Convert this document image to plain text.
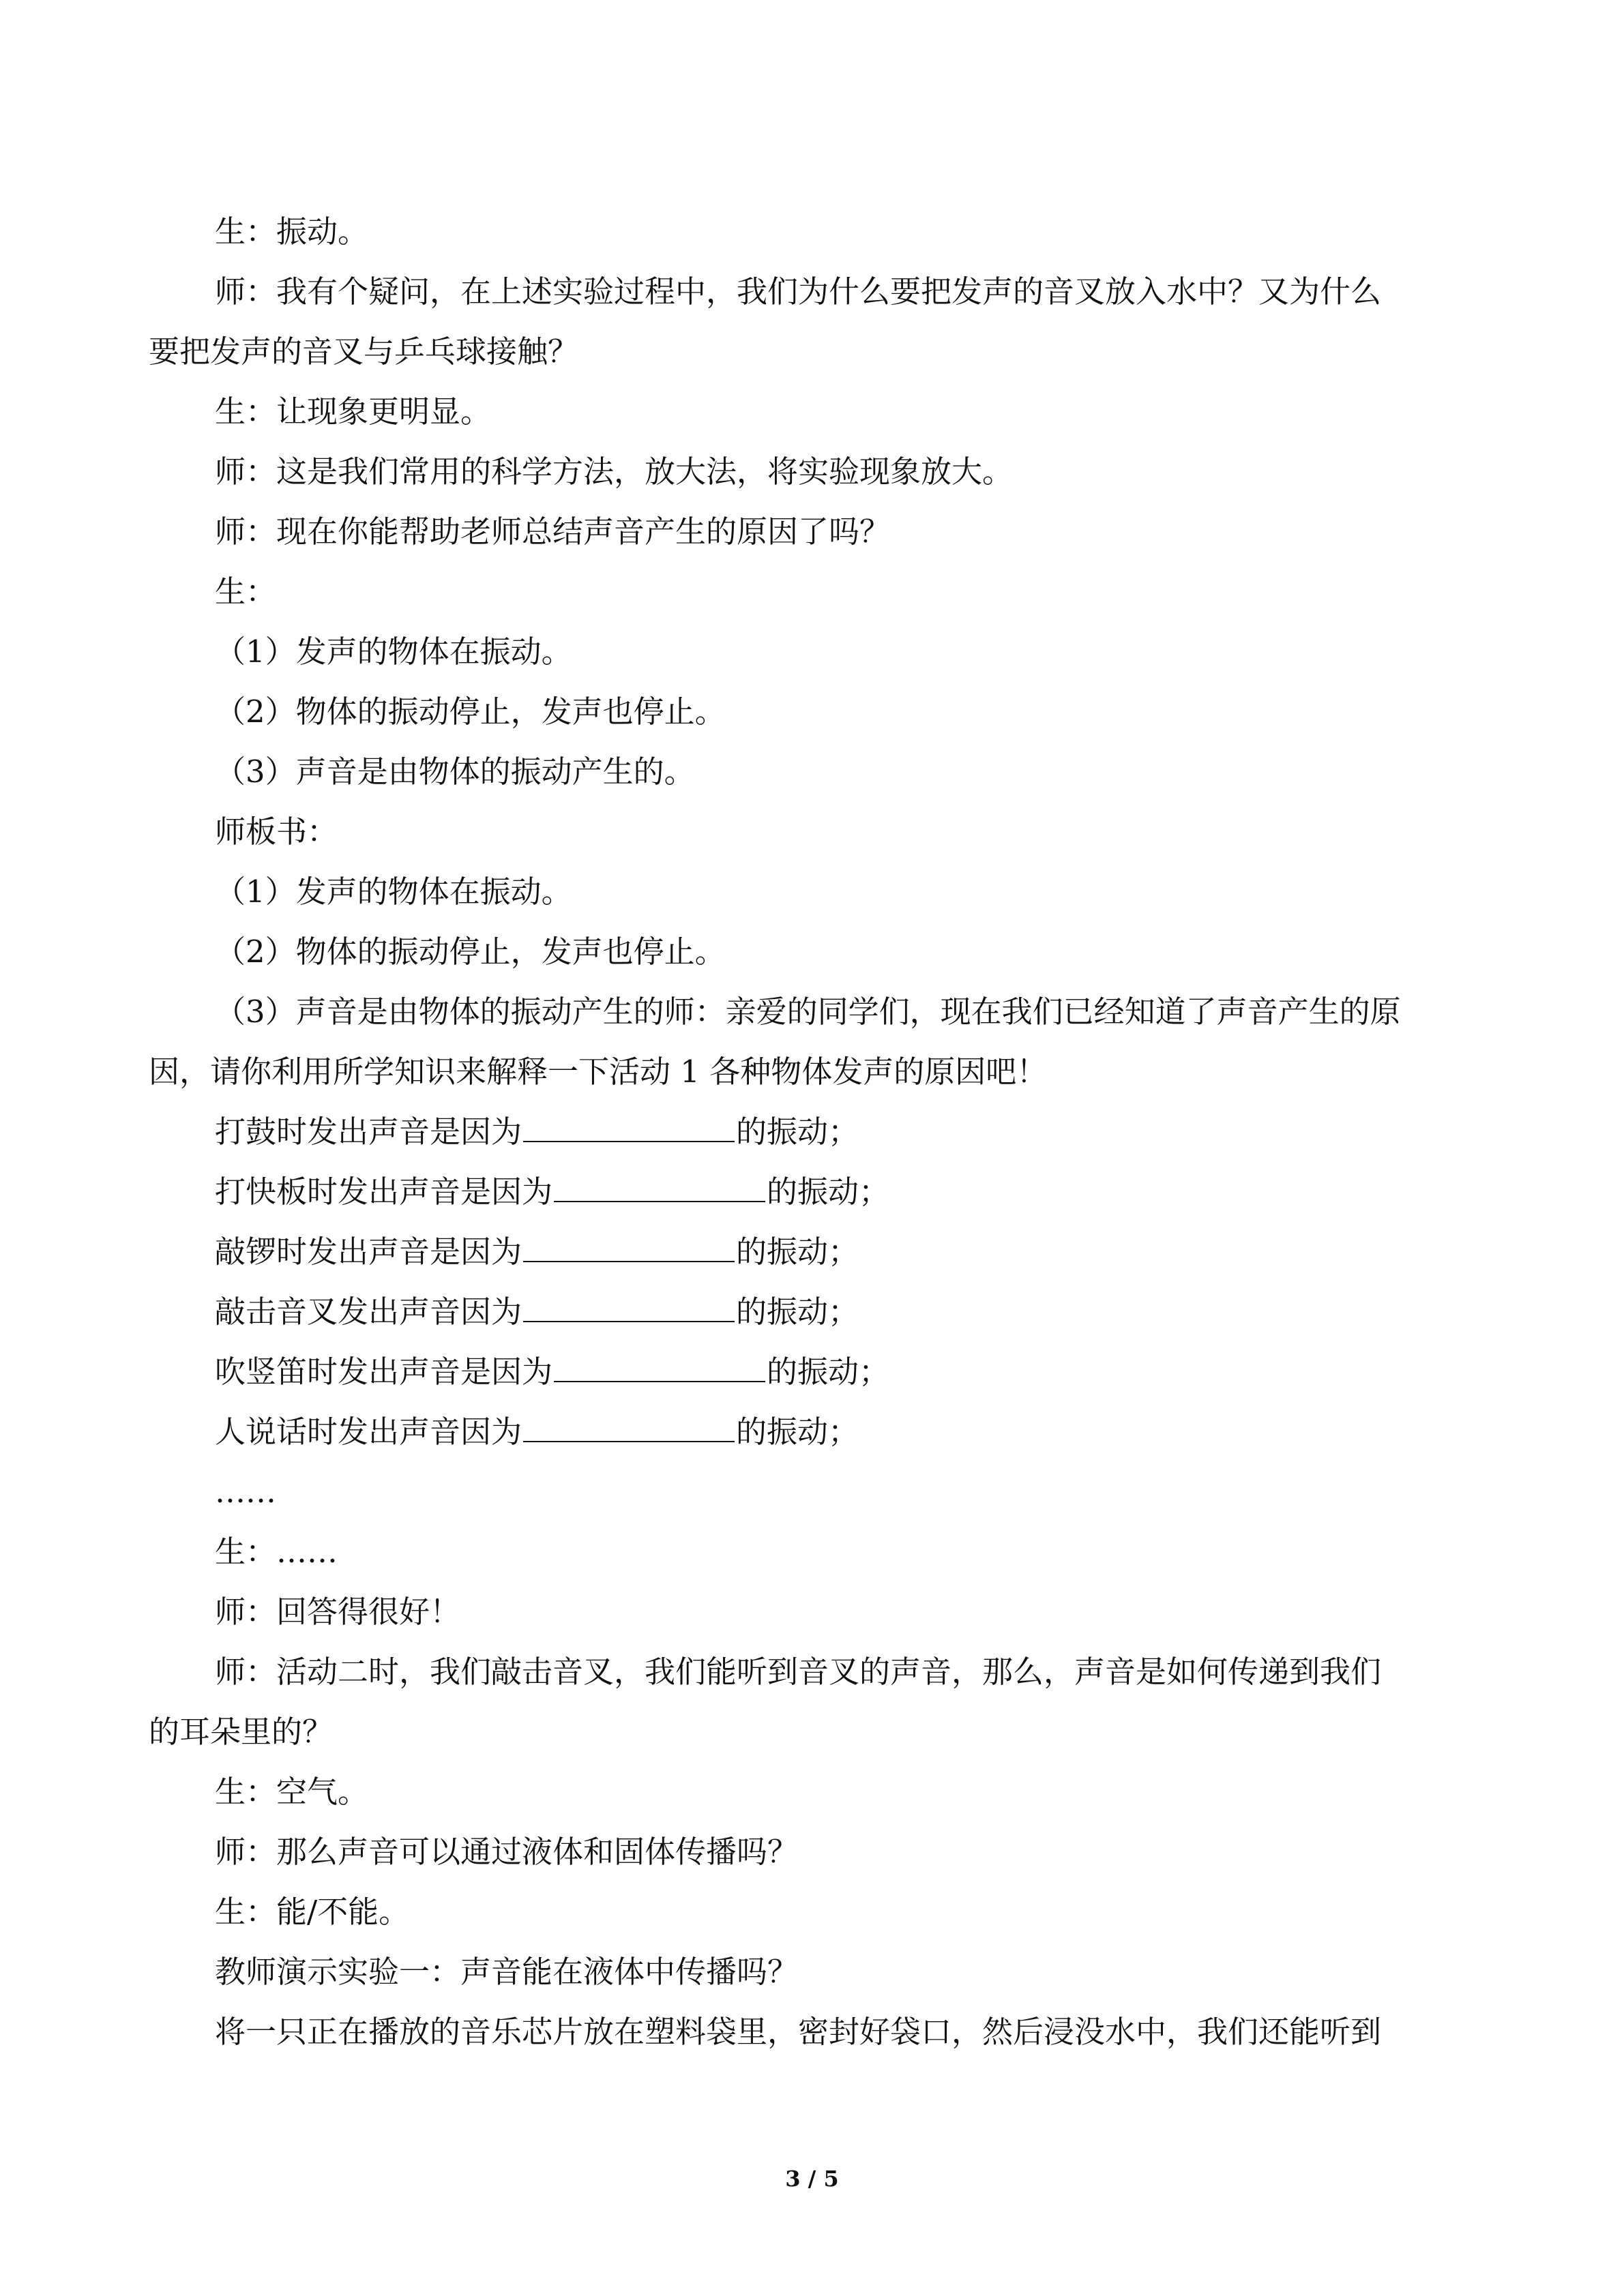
生：振动。
师：我有个疑问，在上述实验过程中，我们为什么要把发声的音叉放入水中？又为什么
要把发声的音叉与乒乓球接触？
生：让现象更明显。
师：这是我们常用的科学方法，放大法，将实验现象放大。
师：现在你能帮助老师总结声音产生的原因了吗？
生：
（1）发声的物体在振动。
（2）物体的振动停止，发声也停止。
（3）声音是由物体的振动产生的。
师板书：
（1）发声的物体在振动。
（2）物体的振动停止，发声也停止。
（3）声音是由物体的振动产生的师：亲爱的同学们，现在我们已经知道了声音产生的原
因，请你利用所学知识来解释一下活动 1 各种物体发声的原因吧！
打鼓时发出声音是因为	的振动；
打快板时发出声音是因为	的振动；
敲锣时发出声音是因为	的振动；
敲击音叉发出声音因为	的振动；
吹竖笛时发出声音是因为	的振动；
人说话时发出声音因为	的振动；
……
生：……
师：回答得很好！
师：活动二时，我们敲击音叉，我们能听到音叉的声音，那么，声音是如何传递到我们
的耳朵里的？
生：空气。
师：那么声音可以通过液体和固体传播吗？
生：能/不能。
教师演示实验一：声音能在液体中传播吗？
将一只正在播放的音乐芯片放在塑料袋里，密封好袋口，然后浸没水中，我们还能听到
3 / 5
